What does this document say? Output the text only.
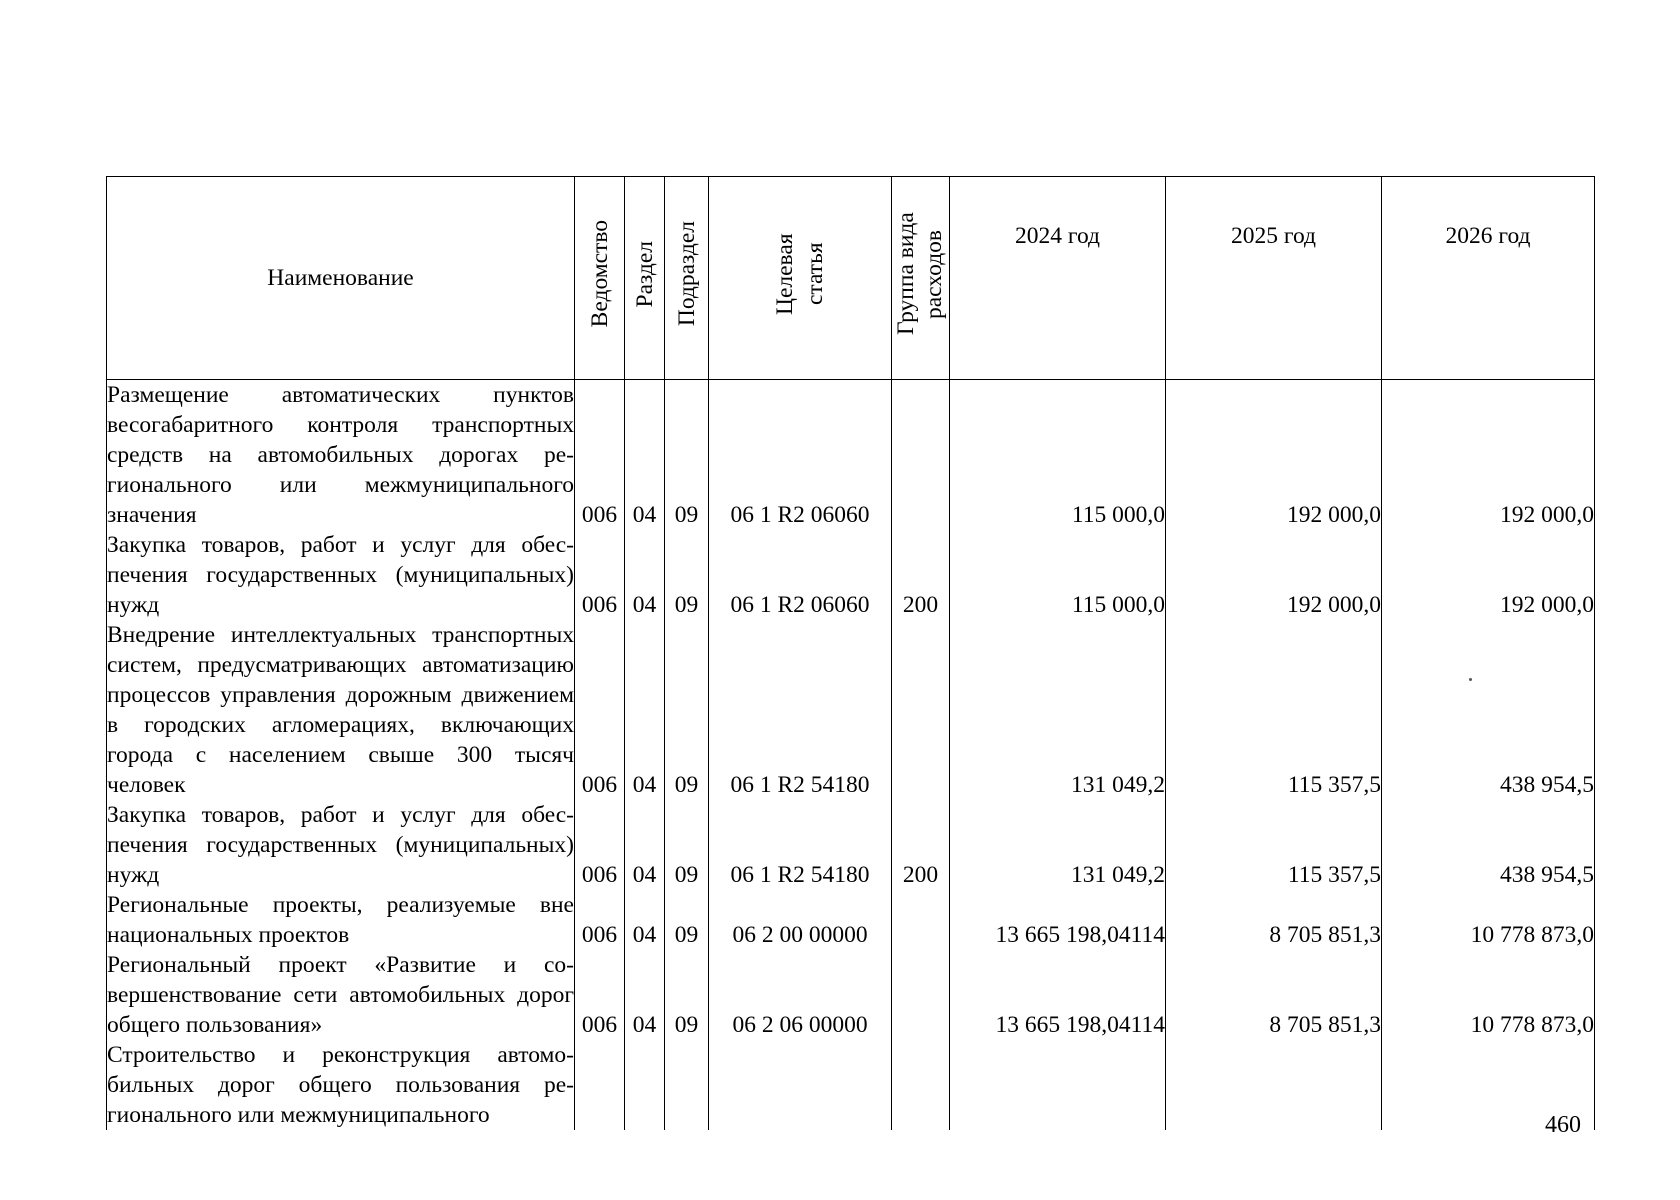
Наименование	Ведомство	Раздел	Подраздел	Целевая статья	Группа вида расходов	2024 год	2025 год	2026 год
Размещение автоматических пунктов весогабаритного контроля транспортных средств на автомобильных дорогах регионального или межмуниципального значения	006	04	09	06 1 R2 06060		115 000,0	192 000,0	192 000,0
Закупка товаров, работ и услуг для обеспечения государственных (муниципальных) нужд	006	04	09	06 1 R2 06060	200	115 000,0	192 000,0	192 000,0
Внедрение интеллектуальных транспортных систем, предусматривающих автоматизацию процессов управления дорожным движением в городских агломерациях, включающих города с населением свыше 300 тысяч человек	006	04	09	06 1 R2 54180		131 049,2	115 357,5	438 954,5
Закупка товаров, работ и услуг для обеспечения государственных (муниципальных) нужд	006	04	09	06 1 R2 54180	200	131 049,2	115 357,5	438 954,5
Региональные проекты, реализуемые вне национальных проектов	006	04	09	06 2 00 00000		13 665 198,04114	8 705 851,3	10 778 873,0
Региональный проект «Развитие и совершенствование сети автомобильных дорог общего пользования»	006	04	09	06 2 06 00000		13 665 198,04114	8 705 851,3	10 778 873,0
Строительство и реконструкция автомобильных дорог общего пользования регионального или межмуниципального									460
